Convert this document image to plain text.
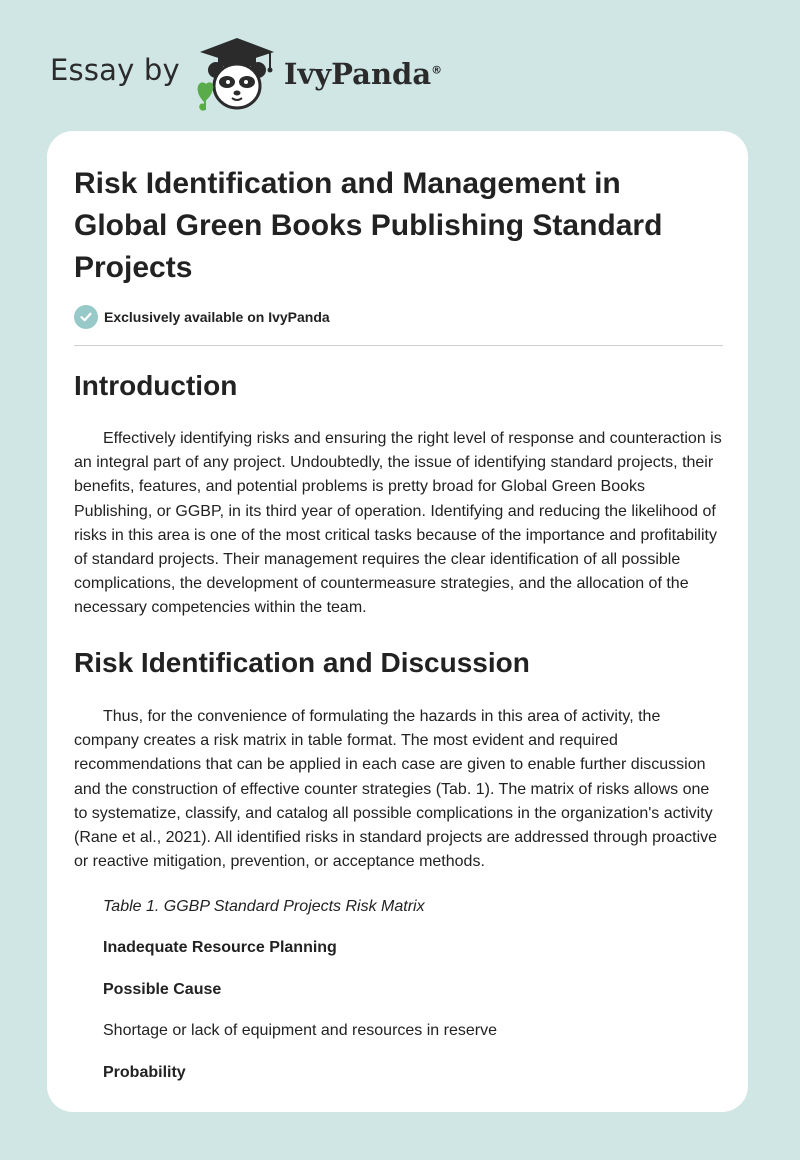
Essay by	IvyPanda®
Risk Identification and Management in Global Green Books Publishing Standard Projects
Exclusively available on IvyPanda
Introduction

Effectively identifying risks and ensuring the right level of response and counteraction is an integral part of any project. Undoubtedly, the issue of identifying standard projects, their benefits, features, and potential problems is pretty broad for Global Green Books Publishing, or GGBP, in its third year of operation. Identifying and reducing the likelihood of risks in this area is one of the most critical tasks because of the importance and profitability of standard projects. Their management requires the clear identification of all possible complications, the development of countermeasure strategies, and the allocation of the necessary competencies within the team.

Risk Identification and Discussion

Thus, for the convenience of formulating the hazards in this area of activity, the company creates a risk matrix in table format. The most evident and required recommendations that can be applied in each case are given to enable further discussion and the construction of effective counter strategies (Tab. 1). The matrix of risks allows one to systematize, classify, and catalog all possible complications in the organization's activity (Rane et al., 2021). All identified risks in standard projects are addressed through proactive or reactive mitigation, prevention, or acceptance methods.

Table 1. GGBP Standard Projects Risk Matrix
Inadequate Resource Planning
Possible Cause
Shortage or lack of equipment and resources in reserve
Probability
